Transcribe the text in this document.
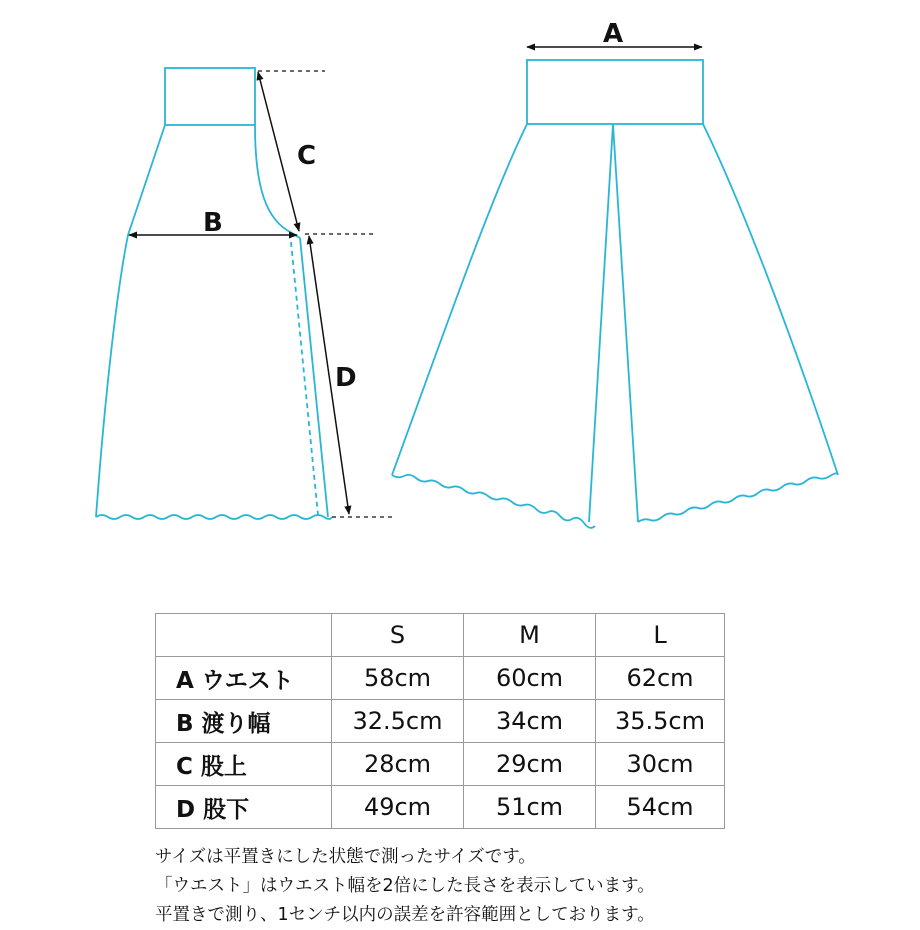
C
B
D
A
	S	M	L
A ウエスト	58cm	60cm	62cm
B 渡り幅	32.5cm	34cm	35.5cm
C 股上	28cm	29cm	30cm
D 股下	49cm	51cm	54cm
サイズは平置きにした状態で測ったサイズです。
「ウエスト」はウエスト幅を2倍にした長さを表示しています。
平置きで測り、1センチ以内の誤差を許容範囲としております。
